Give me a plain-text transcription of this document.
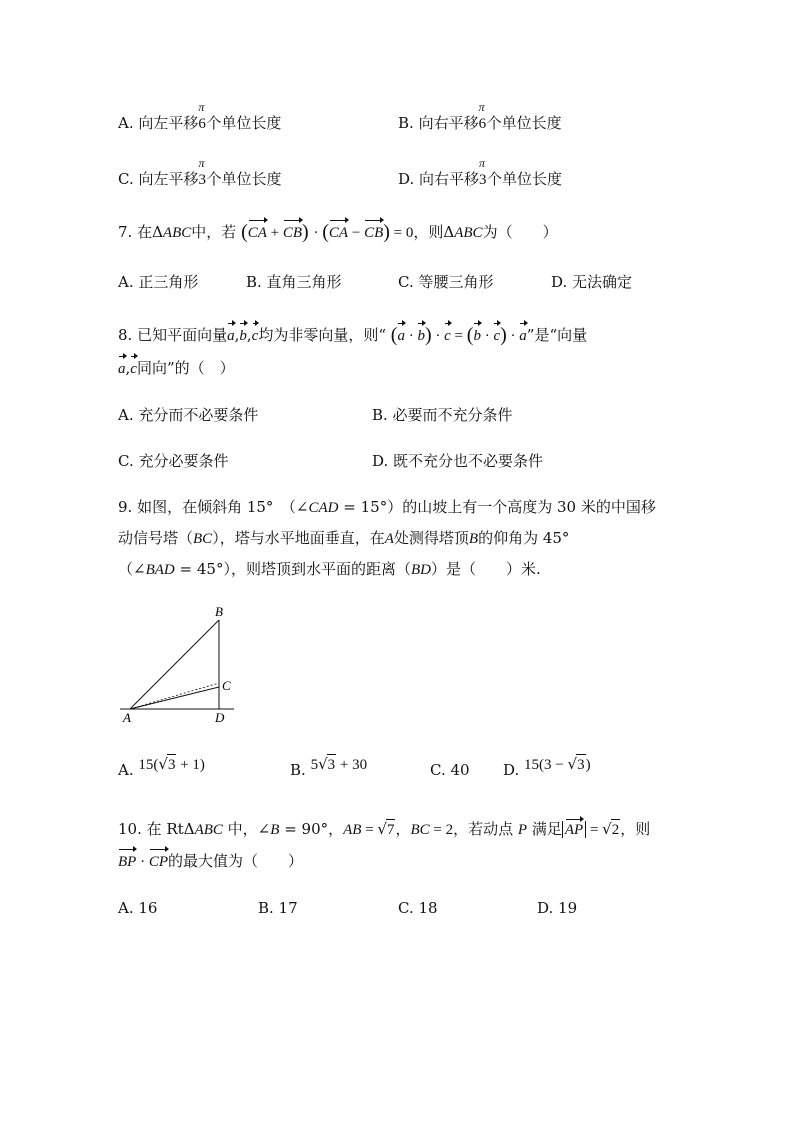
A. 向左平移
π
6个单位长度	B. 向右平移
π
6个单位长度
C. 向左平移
π
3个单位长度	D. 向右平移
π
3个单位长度
7. 在ΔABC中，若 (CA + CB) · (CA − CB) = 0，则ΔABC为（　　）
A. 正三角形	B. 直角三角形	C. 等腰三角形	D. 无法确定
8. 已知平面向量a,b,c均为非零向量，则“ (a · b) · c = (b · c) · a”是“向量
a,c同向”的（　）
A. 充分而不必要条件	B. 必要而不充分条件
C. 充分必要条件	D. 既不充分也不必要条件
9. 如图，在倾斜角 15°　（∠CAD = 15°）的山坡上有一个高度为 30 米的中国移
动信号塔（BC），塔与水平地面垂直，在A处测得塔顶B的仰角为 45°
（∠BAD = 45°），则塔顶到水平面的距离（BD）是（　　）米.
B
C
A	D
A. 15(√3 + 1)	B. 5√3 + 30	C. 40 D. 15(3 − √3)
10. 在 RtΔABC 中，∠B = 90°，AB = √7，BC = 2，若动点 P 满足 AP = √2，则
BP · CP的最大值为（　　）
A. 16	B. 17	C. 18	D. 19
